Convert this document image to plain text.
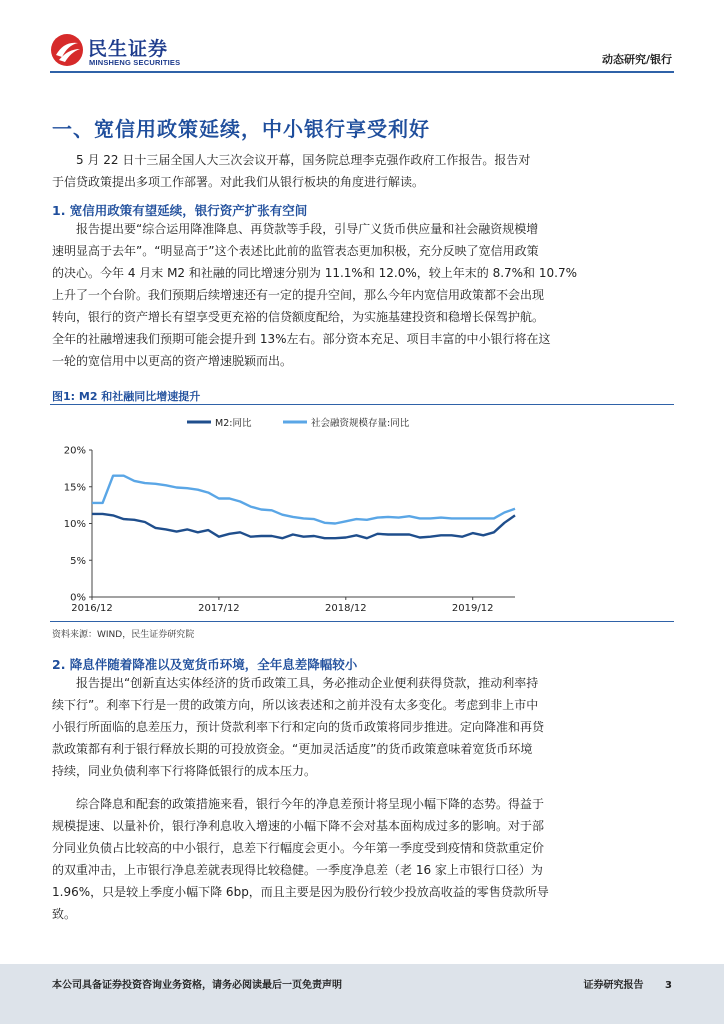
民生证券
MINSHENG SECURITIES	动态研究/银行
一、宽信用政策延续，中小银行享受利好
5 月 22 日十三届全国人大三次会议开幕，国务院总理李克强作政府工作报告。报告对
于信贷政策提出多项工作部署。对此我们从银行板块的角度进行解读。
1. 宽信用政策有望延续，银行资产扩张有空间
报告提出要“综合运用降准降息、再贷款等手段，引导广义货币供应量和社会融资规模增
速明显高于去年”。“明显高于”这个表述比此前的监管表态更加积极，充分反映了宽信用政策
的决心。今年 4 月末 M2 和社融的同比增速分别为 11.1%和 12.0%，较上年末的 8.7%和 10.7%
上升了一个台阶。我们预期后续增速还有一定的提升空间，那么今年内宽信用政策都不会出现
转向，银行的资产增长有望享受更充裕的信贷额度配给，为实施基建投资和稳增长保驾护航。
全年的社融增速我们预期可能会提升到 13%左右。部分资本充足、项目丰富的中小银行将在这
一轮的宽信用中以更高的资产增速脱颖而出。
图1: M2 和社融同比增速提升
0%
5%
10%
15%
20%
2016/12	2017/12	2018/12	2019/12
M2:同比	社会融资规模存量:同比
资料来源：WIND，民生证券研究院
2. 降息伴随着降准以及宽货币环境，全年息差降幅较小
报告提出“创新直达实体经济的货币政策工具，务必推动企业便利获得贷款，推动利率持
续下行”。利率下行是一贯的政策方向，所以该表述和之前并没有太多变化。考虑到非上市中
小银行所面临的息差压力，预计贷款利率下行和定向的货币政策将同步推进。定向降准和再贷
款政策都有利于银行释放长期的可投放资金。“更加灵活适度”的货币政策意味着宽货币环境
持续，同业负债利率下行将降低银行的成本压力。
综合降息和配套的政策措施来看，银行今年的净息差预计将呈现小幅下降的态势。得益于
规模提速、以量补价，银行净利息收入增速的小幅下降不会对基本面构成过多的影响。对于部
分同业负债占比较高的中小银行，息差下行幅度会更小。今年第一季度受到疫情和贷款重定价
的双重冲击，上市银行净息差就表现得比较稳健。一季度净息差（老 16 家上市银行口径）为
1.96%，只是较上季度小幅下降 6bp，而且主要是因为股份行较少投放高收益的零售贷款所导
致。
本公司具备证券投资咨询业务资格，请务必阅读最后一页免责声明	证券研究报告 3
